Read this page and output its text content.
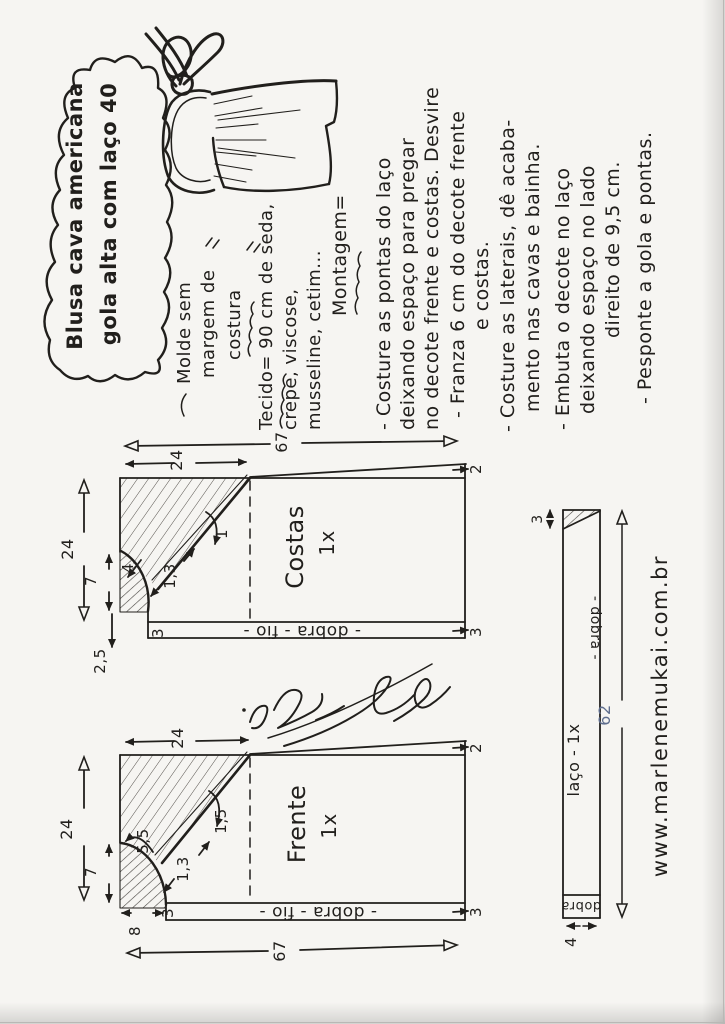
Blusa cava americana gola alta com laço 40	Molde sem margem de costura Tecido= 90 cm de seda, crepe, viscose, musseline, cetim... Montagem= - Costure as pontas do laço deixando espaço para pregar no decote frente e costas. Desvire - Franza 6 cm do decote frente e costas. - Costure as laterais, dê acaba- mento nas cavas e bainha. - Embuta o decote no laço deixando espaço no lado direito de 9,5 cm. - Pesponte a gola e pontas.
Costas 1x
- dobra - fio -
67
24
24
7
4 1,3
1
2,5
3
2
3
Frente 1x
- dobra - fio -
67
24
24
7
5,5
1,3
1,5
8
3
2
3
laço - 1x
- dobra -
dobra
62
4
3
www.marlenemukai.com.br
